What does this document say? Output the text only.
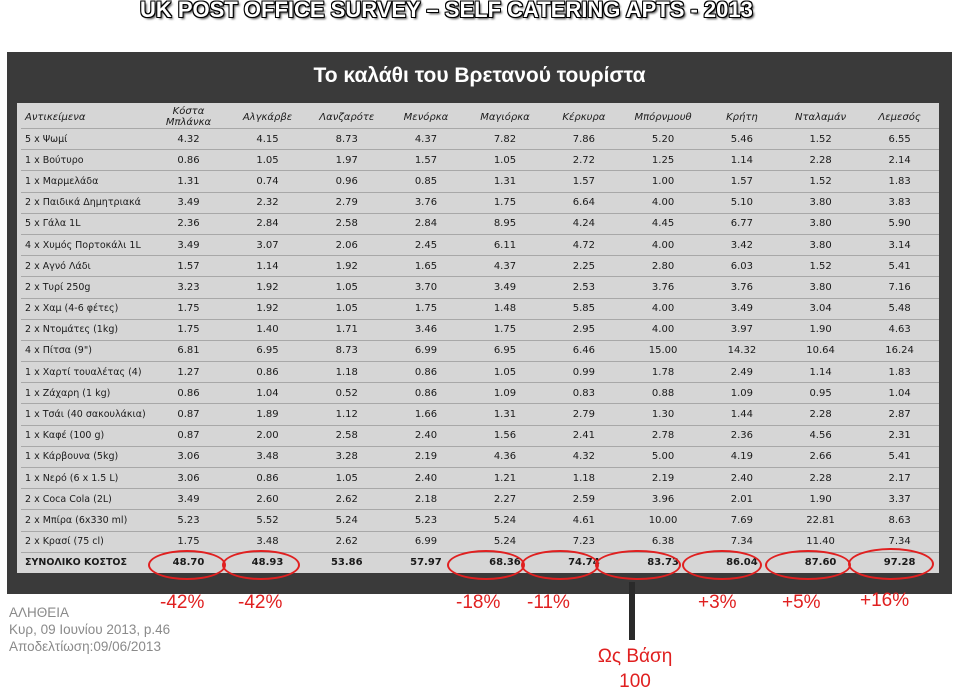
UK POST OFFICE SURVEY – SELF CATERING APTS - 2013
Το καλάθι του Βρετανού τουρίστα
Αντικείμενα	Κόστα Μπλάνκα	Αλγκάρβε	Λανζαρότε	Μενόρκα	Μαγιόρκα	Κέρκυρα	Μπόρνμουθ	Κρήτη	Νταλαμάν	Λεμεσός
5 x Ψωμί	4.32	4.15	8.73	4.37	7.82	7.86	5.20	5.46	1.52	6.55
1 x Βούτυρο	0.86	1.05	1.97	1.57	1.05	2.72	1.25	1.14	2.28	2.14
1 x Μαρμελάδα	1.31	0.74	0.96	0.85	1.31	1.57	1.00	1.57	1.52	1.83
2 x Παιδικά Δημητριακά	3.49	2.32	2.79	3.76	1.75	6.64	4.00	5.10	3.80	3.83
5 x Γάλα 1L	2.36	2.84	2.58	2.84	8.95	4.24	4.45	6.77	3.80	5.90
4 x Χυμός Πορτοκάλι 1L	3.49	3.07	2.06	2.45	6.11	4.72	4.00	3.42	3.80	3.14
2 x Αγνό Λάδι	1.57	1.14	1.92	1.65	4.37	2.25	2.80	6.03	1.52	5.41
2 x Τυρί 250g	3.23	1.92	1.05	3.70	3.49	2.53	3.76	3.76	3.80	7.16
2 x Χαμ (4-6 φέτες)	1.75	1.92	1.05	1.75	1.48	5.85	4.00	3.49	3.04	5.48
2 x Ντομάτες (1kg)	1.75	1.40	1.71	3.46	1.75	2.95	4.00	3.97	1.90	4.63
4 x Πίτσα (9")	6.81	6.95	8.73	6.99	6.95	6.46	15.00	14.32	10.64	16.24
1 x Χαρτί τουαλέτας (4)	1.27	0.86	1.18	0.86	1.05	0.99	1.78	2.49	1.14	1.83
1 x Ζάχαρη (1 kg)	0.86	1.04	0.52	0.86	1.09	0.83	0.88	1.09	0.95	1.04
1 x Τσάι (40 σακουλάκια)	0.87	1.89	1.12	1.66	1.31	2.79	1.30	1.44	2.28	2.87
1 x Καφέ (100 g)	0.87	2.00	2.58	2.40	1.56	2.41	2.78	2.36	4.56	2.31
1 x Κάρβουνα (5kg)	3.06	3.48	3.28	2.19	4.36	4.32	5.00	4.19	2.66	5.41
1 x Νερό (6 x 1.5 L)	3.06	0.86	1.05	2.40	1.21	1.18	2.19	2.40	2.28	2.17
2 x Coca Cola (2L)	3.49	2.60	2.62	2.18	2.27	2.59	3.96	2.01	1.90	3.37
2 x Μπίρα (6x330 ml)	5.23	5.52	5.24	5.23	5.24	4.61	10.00	7.69	22.81	8.63
2 x Κρασί (75 cl)	1.75	3.48	2.62	6.99	5.24	7.23	6.38	7.34	11.40	7.34
ΣΥΝΟΛΙΚΟ ΚΟΣΤΟΣ	48.70	48.93	53.86	57.97	68.36	74.74	83.73	86.04	87.60	97.28
-42% -42%	-18% -11%	+3% +5% +16%
Ως Βάση
100
ΑΛΗΘΕΙΑ
Κυρ, 09 Ιουνίου 2013, p.46
Αποδελτίωση:09/06/2013
